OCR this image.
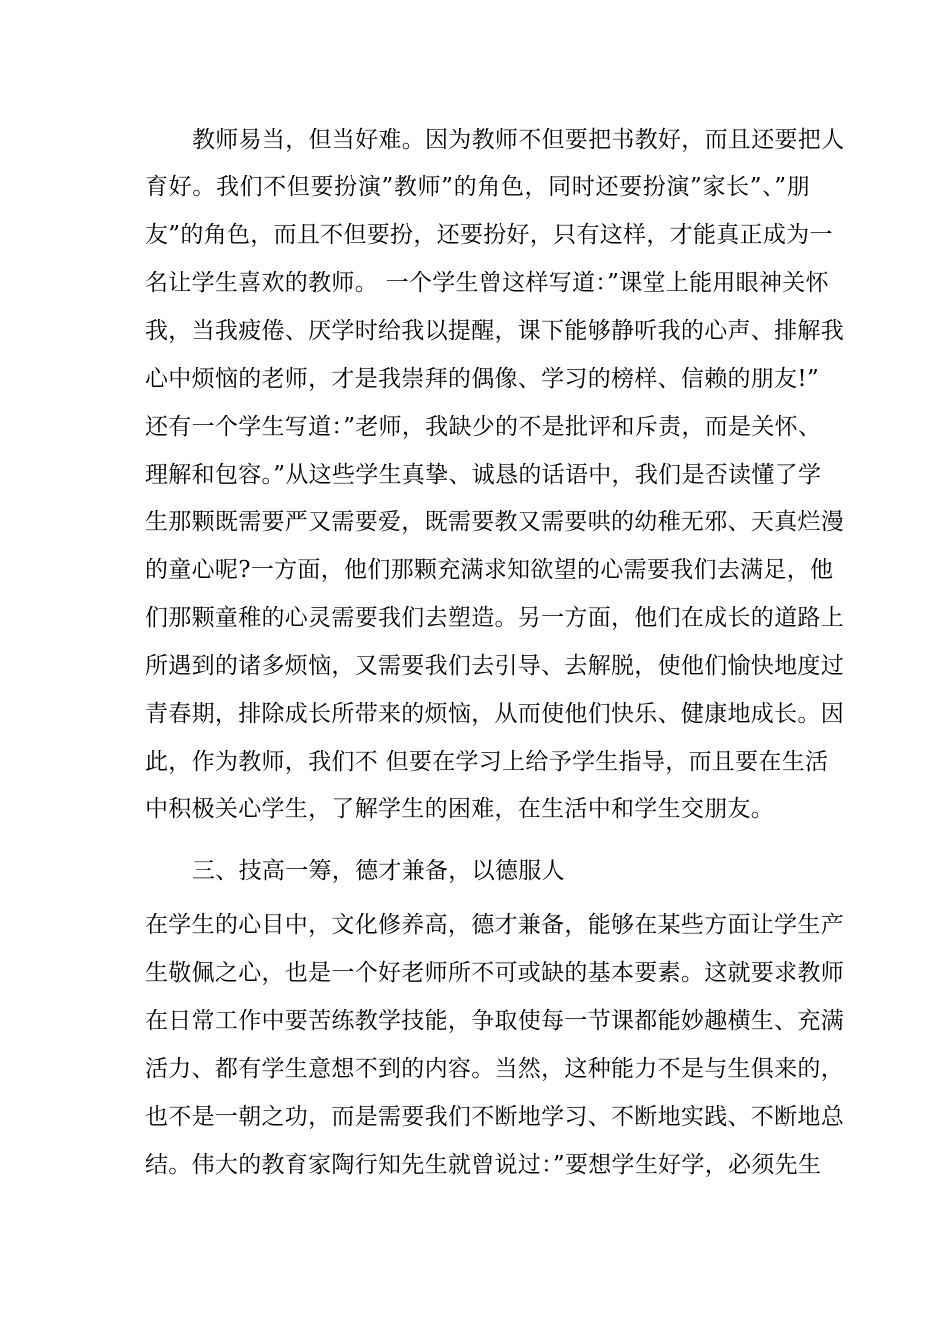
教师易当，但当好难。因为教师不但要把书教好，而且还要把人
育好。我们不但要扮演”教师”的角色，同时还要扮演”家长”、”朋
友”的角色，而且不但要扮，还要扮好，只有这样，才能真正成为一
名让学生喜欢的教师。 一个学生曾这样写道：”课堂上能用眼神关怀
我，当我疲倦、厌学时给我以提醒，课下能够静听我的心声、排解我
心中烦恼的老师，才是我崇拜的偶像、学习的榜样、信赖的朋友!”
还有一个学生写道：”老师，我缺少的不是批评和斥责，而是关怀、
理解和包容。”从这些学生真挚、诚恳的话语中，我们是否读懂了学
生那颗既需要严又需要爱，既需要教又需要哄的幼稚无邪、天真烂漫
的童心呢?一方面，他们那颗充满求知欲望的心需要我们去满足，他
们那颗童稚的心灵需要我们去塑造。另一方面，他们在成长的道路上
所遇到的诸多烦恼，又需要我们去引导、去解脱，使他们愉快地度过
青春期，排除成长所带来的烦恼，从而使他们快乐、健康地成长。因
此，作为教师，我们不 但要在学习上给予学生指导，而且要在生活
中积极关心学生，了解学生的困难，在生活中和学生交朋友。
三、技高一筹，德才兼备，以德服人
在学生的心目中，文化修养高，德才兼备，能够在某些方面让学生产
生敬佩之心，也是一个好老师所不可或缺的基本要素。这就要求教师
在日常工作中要苦练教学技能，争取使每一节课都能妙趣横生、充满
活力、都有学生意想不到的内容。当然，这种能力不是与生俱来的，
也不是一朝之功，而是需要我们不断地学习、不断地实践、不断地总
结。伟大的教育家陶行知先生就曾说过：”要想学生好学，必须先生
